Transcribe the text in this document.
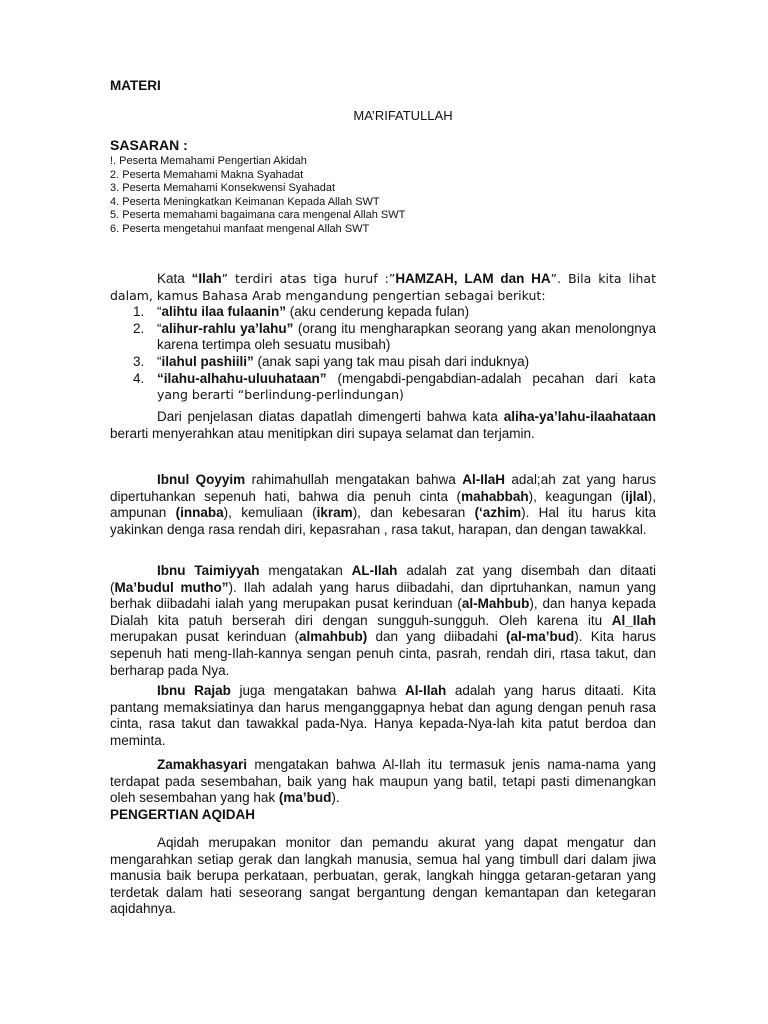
MATERI
MA’RIFATULLAH
SASARAN :
!. Peserta Memahami Pengertian Akidah
2. Peserta Memahami Makna Syahadat
3. Peserta Memahami Konsekwensi Syahadat
4. Peserta Meningkatkan Keimanan Kepada Allah SWT
5. Peserta memahami bagaimana cara mengenal Allah SWT
6. Peserta mengetahui manfaat mengenal Allah SWT

Kata “Ilah” terdiri atas tiga huruf :”HAMZAH, LAM dan HA”. Bila kita lihat dalam, kamus Bahasa Arab mengandung pengertian sebagai berikut:

1. “alihtu ilaa fulaanin” (aku cenderung kepada fulan)
2. “alihur-rahlu ya’lahu” (orang itu mengharapkan seorang yang akan menolongnya karena tertimpa oleh sesuatu musibah)
3. “ilahul pashiili” (anak sapi yang tak mau pisah dari induknya)
4. “ilahu-alhahu-uluuhataan” (mengabdi-pengabdian-adalah pecahan dari kata yang berarti “berlindung-perlindungan)

Dari penjelasan diatas dapatlah dimengerti bahwa kata aliha-ya’lahu-ilaahataan berarti menyerahkan atau menitipkan diri supaya selamat dan terjamin.

Ibnul Qoyyim rahimahullah mengatakan bahwa Al-IlaH adal;ah zat yang harus dipertuhankan sepenuh hati, bahwa dia penuh cinta (mahabbah), keagungan (ijlal), ampunan (innaba), kemuliaan (ikram), dan kebesaran (‘azhim). Hal itu harus kita yakinkan denga rasa rendah diri, kepasrahan , rasa takut, harapan, dan dengan tawakkal.

Ibnu Taimiyyah mengatakan AL-Ilah adalah zat yang disembah dan ditaati (Ma’budul mutho”). Ilah adalah yang harus diibadahi, dan diprtuhankan, namun yang berhak diibadahi ialah yang merupakan pusat kerinduan (al-Mahbub), dan hanya kepada Dialah kita patuh berserah diri dengan sungguh-sungguh. Oleh karena itu Al_Ilah merupakan pusat kerinduan (almahbub) dan yang diibadahi (al-ma’bud). Kita harus sepenuh hati meng-Ilah-kannya sengan penuh cinta, pasrah, rendah diri, rtasa takut, dan berharap pada Nya.

Ibnu Rajab juga mengatakan bahwa Al-Ilah adalah yang harus ditaati. Kita pantang memaksiatinya dan harus menganggapnya hebat dan agung dengan penuh rasa cinta, rasa takut dan tawakkal pada-Nya. Hanya kepada-Nya-lah kita patut berdoa dan meminta.

Zamakhasyari mengatakan bahwa Al-Ilah itu termasuk jenis nama-nama yang terdapat pada sesembahan, baik yang hak maupun yang batil, tetapi pasti dimenangkan oleh sesembahan yang hak (ma’bud).

PENGERTIAN AQIDAH

Aqidah merupakan monitor dan pemandu akurat yang dapat mengatur dan mengarahkan setiap gerak dan langkah manusia, semua hal yang timbull dari dalam jiwa manusia baik berupa perkataan, perbuatan, gerak, langkah hingga getaran-getaran yang terdetak dalam hati seseorang sangat bergantung dengan kemantapan dan ketegaran aqidahnya.
